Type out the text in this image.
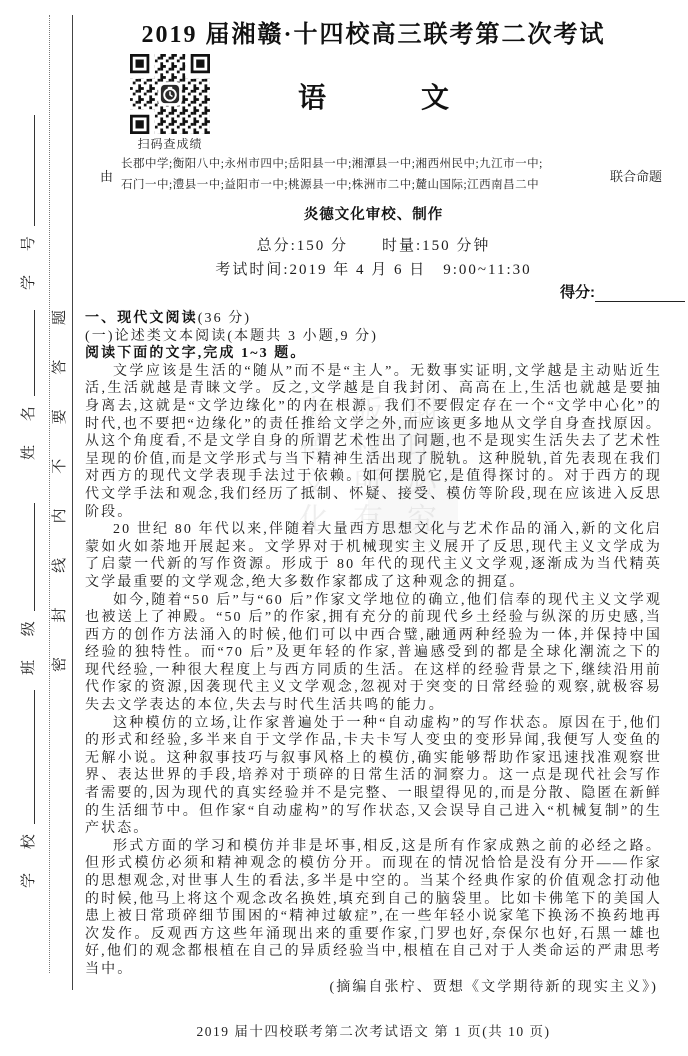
学 号
姓 名
班 级
学 校
密
封
线
内
不
要
答
题
2019 届湘赣·十四校高三联考第二次考试
扫码查成绩
语	文
由
长郡中学;衡阳八中;永州市四中;岳阳县一中;湘潭县一中;湘西州民中;九江市一中;
石门一中;澧县一中;益阳市一中;桃源县一中;株洲市二中;麓山国际;江西南昌二中
联合命题
炎德文化审校、制作
总分:150 分　　时量:150 分钟
考试时间:2019 年 4 月 6 日　9:00~11:30
得分:
炎德文化 版权所有 翻印必究
一、现代文阅读(36 分)
(一)论述类文本阅读(本题共 3 小题,9 分)
阅读下面的文字,完成 1~3 题。

文学应该是生活的“随从”而不是“主人”。无数事实证明,文学越是主动贴近生活,生活就越是青睐文学。反之,文学越是自我封闭、高高在上,生活也就越是要抽身离去,这就是“文学边缘化”的内在根源。我们不要假定存在一个“文学中心化”的时代,也不要把“边缘化”的责任推给文学之外,而应该更多地从文学自身查找原因。从这个角度看,不是文学自身的所谓艺术性出了问题,也不是现实生活失去了艺术性呈现的价值,而是文学形式与当下精神生活出现了脱轨。这种脱轨,首先表现在我们对西方的现代文学表现手法过于依赖。如何摆脱它,是值得探讨的。对于西方的现代文学手法和观念,我们经历了抵制、怀疑、接受、模仿等阶段,现在应该进入反思阶段。

20 世纪 80 年代以来,伴随着大量西方思想文化与艺术作品的涌入,新的文化启蒙如火如荼地开展起来。文学界对于机械现实主义展开了反思,现代主义文学成为了启蒙一代新的写作资源。形成于 80 年代的现代主义文学观,逐渐成为当代精英文学最重要的文学观念,绝大多数作家都成了这种观念的拥趸。

如今,随着“50 后”与“60 后”作家文学地位的确立,他们信奉的现代主义文学观也被送上了神殿。“50 后”的作家,拥有充分的前现代乡土经验与纵深的历史感,当西方的创作方法涌入的时候,他们可以中西合璧,融通两种经验为一体,并保持中国经验的独特性。而“70 后”及更年轻的作家,普遍感受到的都是全球化潮流之下的现代经验,一种很大程度上与西方同质的生活。在这样的经验背景之下,继续沿用前代作家的资源,因袭现代主义文学观念,忽视对于突变的日常经验的观察,就极容易失去文学表达的本位,失去与时代生活共鸣的能力。

这种模仿的立场,让作家普遍处于一种“自动虚构”的写作状态。原因在于,他们的形式和经验,多半来自于文学作品,卡夫卡写人变虫的变形异闻,我便写人变鱼的无解小说。这种叙事技巧与叙事风格上的模仿,确实能够帮助作家迅速找准观察世界、表达世界的手段,培养对于琐碎的日常生活的洞察力。这一点是现代社会写作者需要的,因为现代的真实经验并不是完整、一眼望得见的,而是分散、隐匿在新鲜的生活细节中。但作家“自动虚构”的写作状态,又会误导自己进入“机械复制”的生产状态。

形式方面的学习和模仿并非是坏事,相反,这是所有作家成熟之前的必经之路。但形式模仿必须和精神观念的模仿分开。而现在的情况恰恰是没有分开——作家的思想观念,对世事人生的看法,多半是中空的。当某个经典作家的价值观念打动他的时候,他马上将这个观念改名换姓,填充到自己的脑袋里。比如卡佛笔下的美国人患上被日常琐碎细节围困的“精神过敏症”,在一些年轻小说家笔下换汤不换药地再次发作。反观西方这些年涌现出来的重要作家,门罗也好,奈保尔也好,石黑一雄也好,他们的观念都根植在自己的异质经验当中,根植在自己对于人类命运的严肃思考当中。

(摘编自张柠、贾想《文学期待新的现实主义》)

2019 届十四校联考第二次考试语文 第 1 页(共 10 页)
